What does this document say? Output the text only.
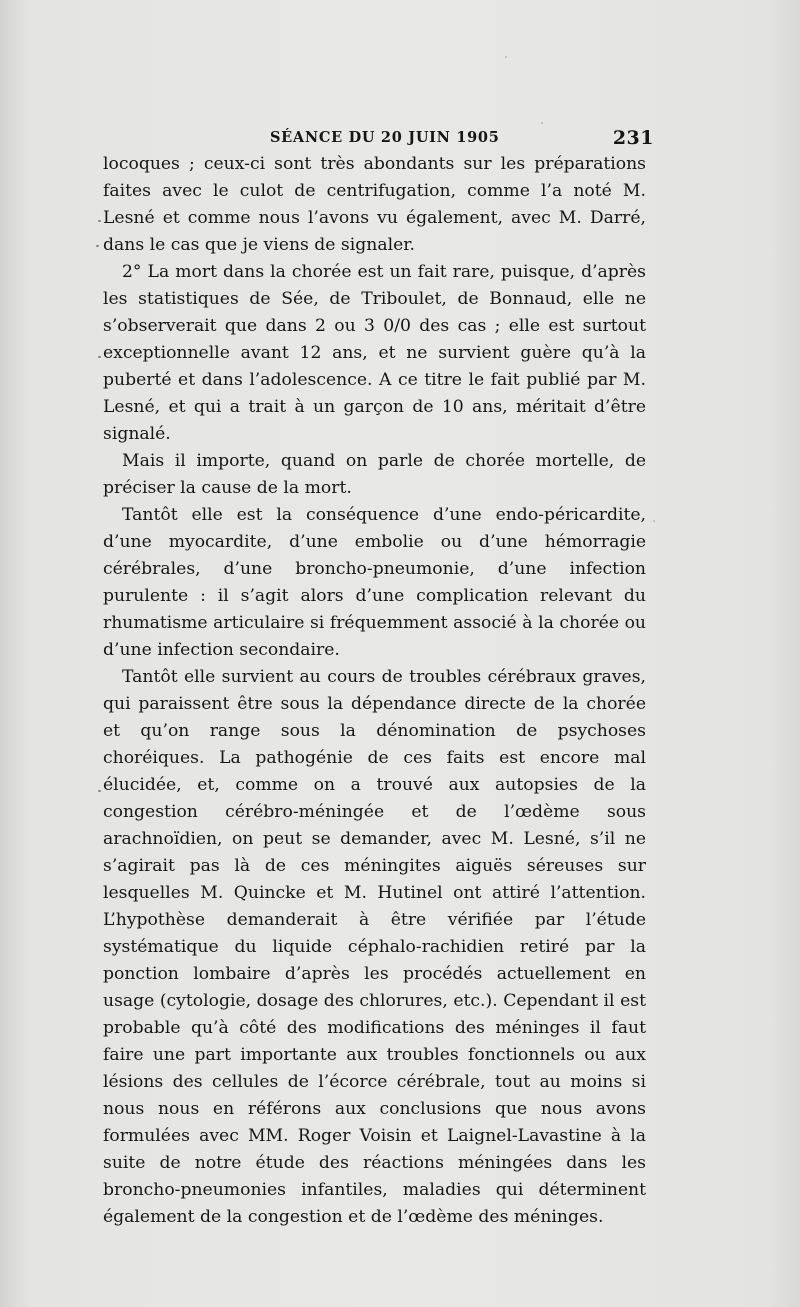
SÉANCE DU 20 JUIN 1905	231

locoques ; ceux-ci sont très abondants sur les préparations faites avec le culot de centrifugation, comme l’a noté M. Lesné et comme nous l’avons vu également, avec M. Darré, dans le cas que je viens de signaler.

2° La mort dans la chorée est un fait rare, puisque, d’après les statistiques de Sée, de Triboulet, de Bonnaud, elle ne s’observerait que dans 2 ou 3 0/0 des cas ; elle est surtout exceptionnelle avant 12 ans, et ne survient guère qu’à la puberté et dans l’adolescence. A ce titre le fait publié par M. Lesné, et qui a trait à un garçon de 10 ans, méritait d’être signalé.

Mais il importe, quand on parle de chorée mortelle, de préciser la cause de la mort.

Tantôt elle est la conséquence d’une endo-péricardite, d’une myocardite, d’une embolie ou d’une hémorragie cérébrales, d’une broncho-pneumonie, d’une infection purulente : il s’agit alors d’une complication relevant du rhumatisme articulaire si fréquemment associé à la chorée ou d’une infection secondaire.

Tantôt elle survient au cours de troubles cérébraux graves, qui paraissent être sous la dépendance directe de la chorée et qu’on range sous la dénomination de psychoses choréiques. La pathogénie de ces faits est encore mal élucidée, et, comme on a trouvé aux autopsies de la congestion cérébro-méningée et de l’œdème sous arachnoïdien, on peut se demander, avec M. Lesné, s’il ne s’agirait pas là de ces méningites aiguës séreuses sur lesquelles M. Quincke et M. Hutinel ont attiré l’attention. L’hypothèse demanderait à être vérifiée par l’étude systématique du liquide céphalo-rachidien retiré par la ponction lombaire d’après les procédés actuellement en usage (cytologie, dosage des chlorures, etc.). Cependant il est probable qu’à côté des modifications des méninges il faut faire une part importante aux troubles fonctionnels ou aux lésions des cellules de l’écorce cérébrale, tout au moins si nous nous en référons aux conclusions que nous avons formulées avec MM. Roger Voisin et Laignel-Lavastine à la suite de notre étude des réactions méningées dans les broncho-pneumonies infantiles, maladies qui déterminent également de la congestion et de l’œdème des méninges.
